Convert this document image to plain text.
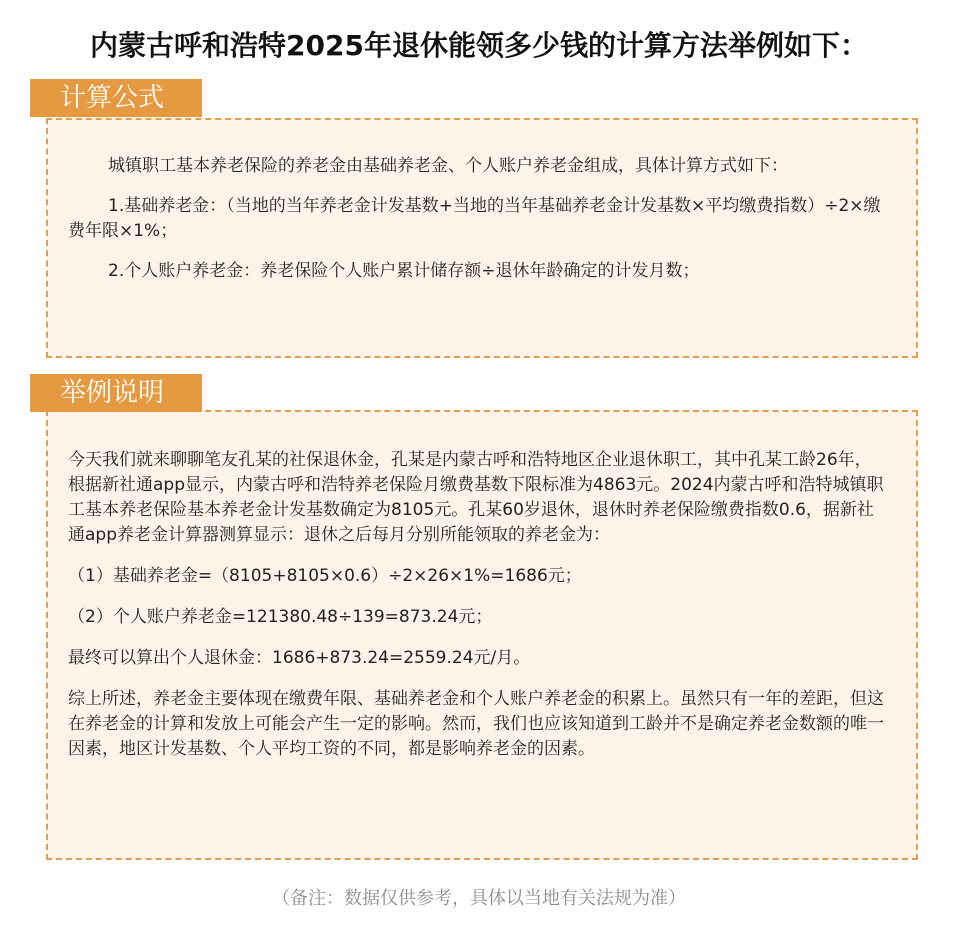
内蒙古呼和浩特2025年退休能领多少钱的计算方法举例如下：
计算公式

城镇职工基本养老保险的养老金由基础养老金、个人账户养老金组成，具体计算方式如下：

1.基础养老金：（当地的当年养老金计发基数+当地的当年基础养老金计发基数×平均缴费指数）÷2×缴费年限×1%；

2.个人账户养老金：养老保险个人账户累计储存额÷退休年龄确定的计发月数；

举例说明

今天我们就来聊聊笔友孔某的社保退休金，孔某是内蒙古呼和浩特地区企业退休职工，其中孔某工龄26年，根据新社通app显示，内蒙古呼和浩特养老保险月缴费基数下限标准为4863元。2024内蒙古呼和浩特城镇职工基本养老保险基本养老金计发基数确定为8105元。孔某60岁退休，退休时养老保险缴费指数0.6，据新社通app养老金计算器测算显示：退休之后每月分别所能领取的养老金为：

（1）基础养老金=（8105+8105×0.6）÷2×26×1%=1686元；

（2）个人账户养老金=121380.48÷139=873.24元；

最终可以算出个人退休金：1686+873.24=2559.24元/月。

综上所述，养老金主要体现在缴费年限、基础养老金和个人账户养老金的积累上。虽然只有一年的差距，但这在养老金的计算和发放上可能会产生一定的影响。然而，我们也应该知道到工龄并不是确定养老金数额的唯一因素，地区计发基数、个人平均工资的不同，都是影响养老金的因素。

（备注：数据仅供参考，具体以当地有关法规为准）
